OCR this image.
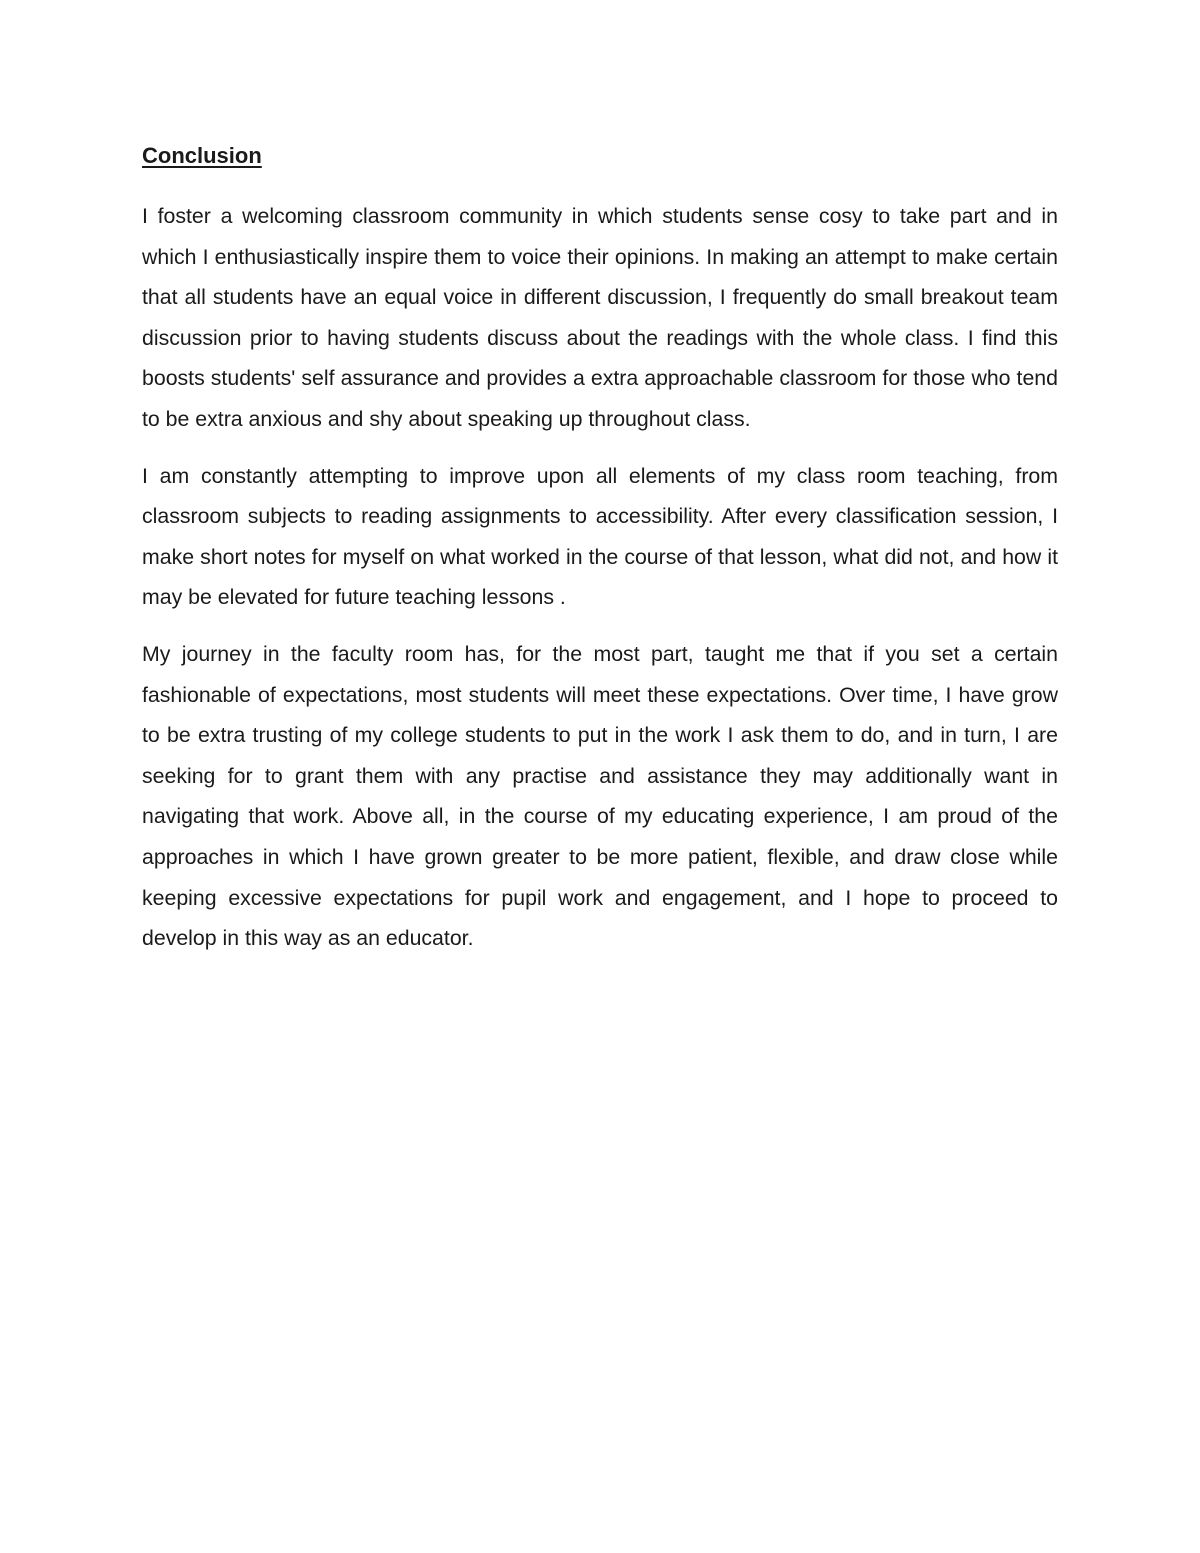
Conclusion

I foster a welcoming classroom community in which students sense cosy to take part and in which I enthusiastically inspire them to voice their opinions. In making an attempt to make certain that all students have an equal voice in different discussion, I frequently do small breakout team discussion prior to having students discuss about the readings with the whole class. I find this boosts students' self assurance and provides a extra approachable classroom for those who tend to be extra anxious and shy about speaking up throughout class.

I am constantly attempting to improve upon all elements of my class room teaching, from classroom subjects to reading assignments to accessibility. After every classification session, I make short notes for myself on what worked in the course of that lesson, what did not, and how it may be elevated for future teaching lessons .

My journey in the faculty room has, for the most part, taught me that if you set a certain fashionable of expectations, most students will meet these expectations. Over time, I have grow to be extra trusting of my college students to put in the work I ask them to do, and in turn, I are seeking for to grant them with any practise and assistance they may additionally want in navigating that work. Above all, in the course of my educating experience, I am proud of the approaches in which I have grown greater to be more patient, flexible, and draw close while keeping excessive expectations for pupil work and engagement, and I hope to proceed to develop in this way as an educator.
